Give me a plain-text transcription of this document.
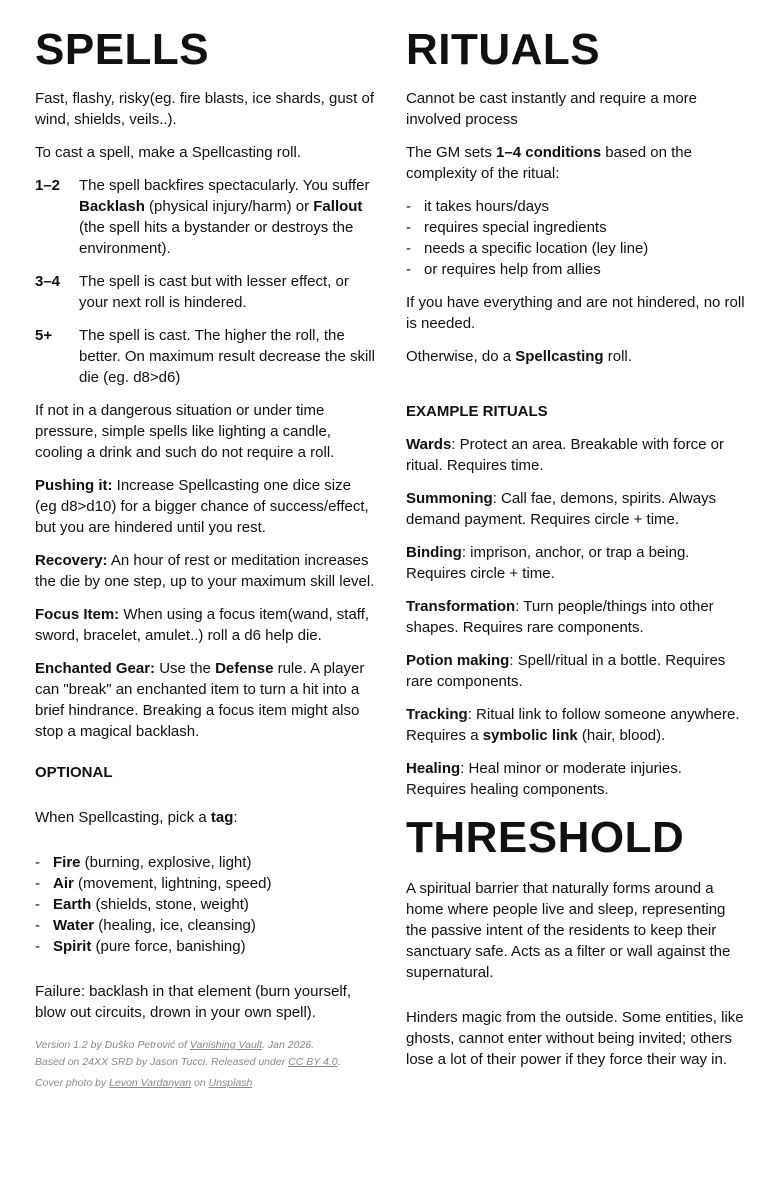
SPELLS

Fast, flashy, risky(eg. fire blasts, ice shards, gust of wind, shields, veils..).

To cast a spell, make a Spellcasting roll.

1–2	The spell backfires spectacularly. You suffer Backlash (physical injury/harm) or Fallout (the spell hits a bystander or destroys the environment).
3–4	The spell is cast but with lesser effect, or your next roll is hindered.
5+	The spell is cast. The higher the roll, the better. On maximum result decrease the skill die (eg. d8>d6)

If not in a dangerous situation or under time pressure, simple spells like lighting a candle, cooling a drink and such do not require a roll.

Pushing it: Increase Spellcasting one dice size (eg d8>d10) for a bigger chance of success/effect, but you are hindered until you rest.

Recovery: An hour of rest or meditation increases the die by one step, up to your maximum skill level.

Focus Item: When using a focus item(wand, staff, sword, bracelet, amulet..) roll a d6 help die.

Enchanted Gear: Use the Defense rule. A player can "break" an enchanted item to turn a hit into a brief hindrance. Breaking a focus item might also stop a magical backlash.

OPTIONAL

When Spellcasting, pick a tag:

- Fire (burning, explosive, light)
- Air (movement, lightning, speed)
- Earth (shields, stone, weight)
- Water (healing, ice, cleansing)
- Spirit (pure force, banishing)

Failure: backlash in that element (burn yourself, blow out circuits, drown in your own spell).

Version 1.2 by Duško Petrović of Vanishing Vault. Jan 2026.
Based on 24XX SRD by Jason Tucci. Released under CC BY 4.0.
Cover photo by Levon Vardanyan on Unsplash
RITUALS

Cannot be cast instantly and require a more involved process

The GM sets 1–4 conditions based on the complexity of the ritual:

- it takes hours/days
- requires special ingredients
- needs a specific location (ley line)
- or requires help from allies

If you have everything and are not hindered, no roll is needed.

Otherwise, do a Spellcasting roll.

EXAMPLE RITUALS

Wards: Protect an area. Breakable with force or ritual. Requires time.

Summoning: Call fae, demons, spirits. Always demand payment. Requires circle + time.

Binding: imprison, anchor, or trap a being. Requires circle + time.

Transformation: Turn people/things into other shapes. Requires rare components.

Potion making: Spell/ritual in a bottle. Requires rare components.

Tracking: Ritual link to follow someone anywhere. Requires a symbolic link (hair, blood).

Healing: Heal minor or moderate injuries. Requires healing components.

THRESHOLD

A spiritual barrier that naturally forms around a home where people live and sleep, representing the passive intent of the residents to keep their sanctuary safe. Acts as a filter or wall against the supernatural.

Hinders magic from the outside. Some entities, like ghosts, cannot enter without being invited; others lose a lot of their power if they force their way in.
